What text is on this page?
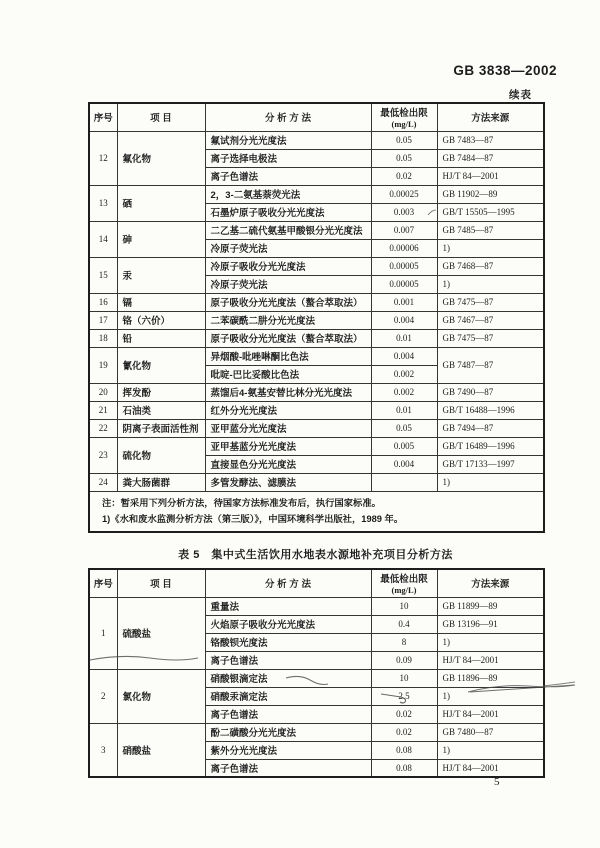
GB 3838—2002
续表
序号	项 目	分 析 方 法	最低检出限
(mg/L)	方法来源

12	氟化物	氟试剂分光光度法	0.05	GB 7483—87
		离子选择电极法	0.05	GB 7484—87
		离子色谱法	0.02	HJ/T 84—2001
13	硒	2，3-二氨基萘荧光法	0.00025	GB 11902—89
		石墨炉原子吸收分光光度法	0.003	GB/T 15505—1995
14	砷	二乙基二硫代氨基甲酸银分光光度法	0.007	GB 7485—87
		冷原子荧光法	0.00006	1)
15	汞	冷原子吸收分光光度法	0.00005	GB 7468—87
		冷原子荧光法	0.00005	1)
16	镉	原子吸收分光光度法（螯合萃取法）	0.001	GB 7475—87
17	铬（六价）	二苯碳酰二肼分光光度法	0.004	GB 7467—87
18	铅	原子吸收分光光度法（螯合萃取法）	0.01	GB 7475—87
19	氰化物	异烟酸-吡唑啉酮比色法	0.004	GB 7487—87
		吡啶-巴比妥酸比色法	0.002	
20	挥发酚	蒸馏后4-氨基安替比林分光光度法	0.002	GB 7490—87
21	石油类	红外分光光度法	0.01	GB/T 16488—1996
22	阴离子表面活性剂	亚甲蓝分光光度法	0.05	GB 7494—87
23	硫化物	亚甲基蓝分光光度法	0.005	GB/T 16489—1996
		直接显色分光光度法	0.004	GB/T 17133—1997
24	粪大肠菌群	多管发酵法、滤膜法		1)

注：暂采用下列分析方法，待国家方法标准发布后，执行国家标准。
1)《水和废水监测分析方法（第三版）》，中国环境科学出版社，1989 年。				
表 5　集中式生活饮用水地表水源地补充项目分析方法
序号	项 目	分 析 方 法	最低检出限
(mg/L)	方法来源

1	硫酸盐	重量法	10	GB 11899—89
		火焰原子吸收分光光度法	0.4	GB 13196—91
		铬酸钡光度法	8	1)
		离子色谱法	0.09	HJ/T 84—2001
2	氯化物	硝酸银滴定法	10	GB 11896—89
		硝酸汞滴定法	2.5	1)
		离子色谱法	0.02	HJ/T 84—2001
3	硝酸盐	酚二磺酸分光光度法	0.02	GB 7480—87
		紫外分光光度法	0.08	1)
		离子色谱法	0.08	HJ/T 84—2001
5
